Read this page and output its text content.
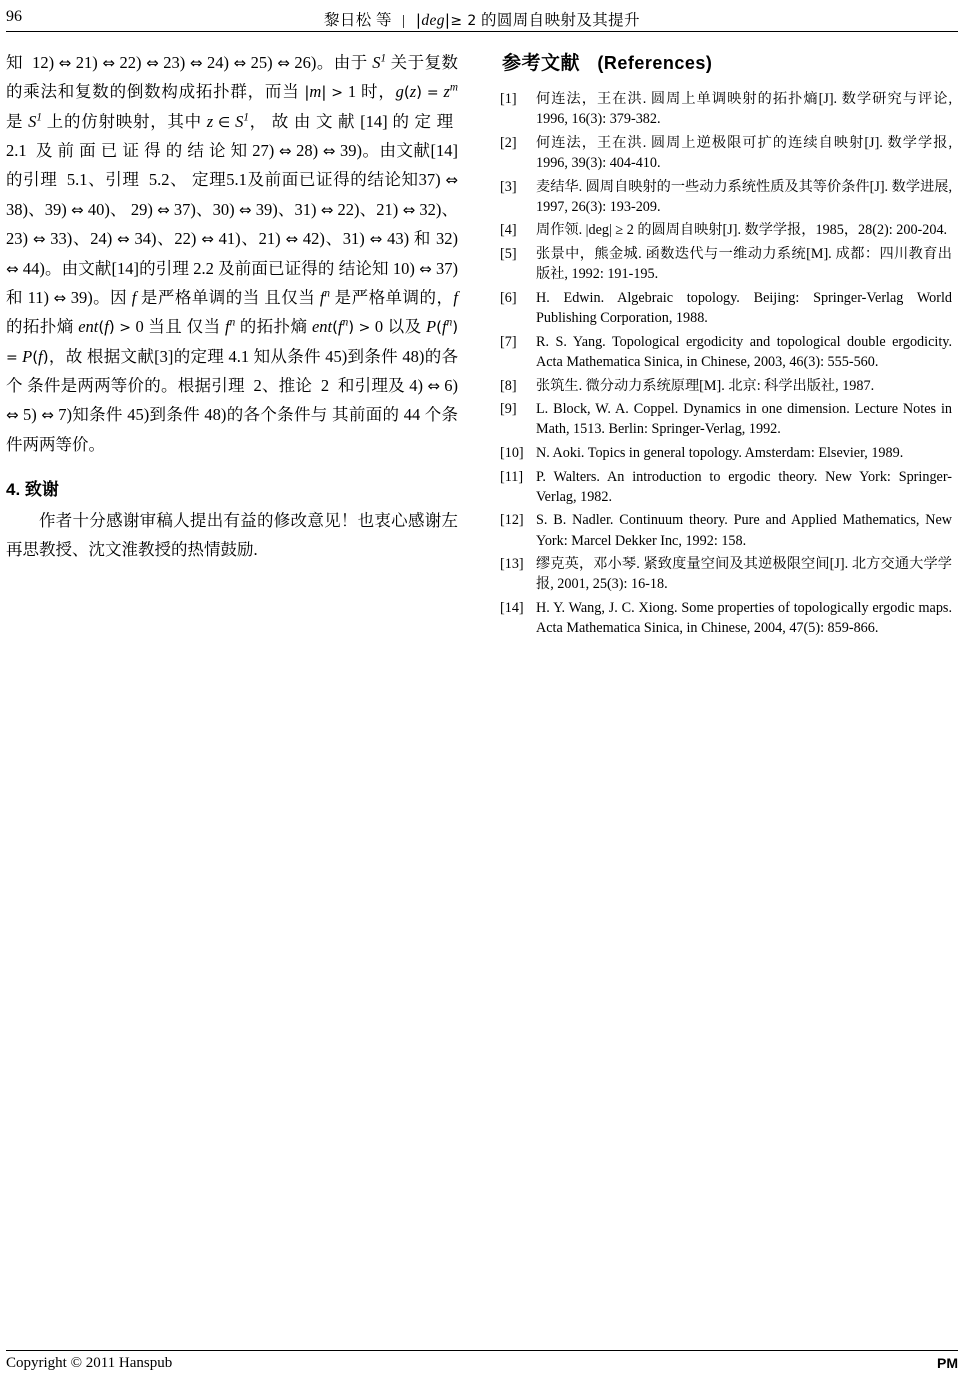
96	黎日松 等 | |deg|≥ 2 的圆周自映射及其提升

知  12) ⇔ 21) ⇔ 22) ⇔ 23) ⇔ 24) ⇔ 25) ⇔ 26)。由于 $S^1$ 关于复数的乘法和复数的倒数构成拓扑群，而当 |m| > 1 时，$g(z) = z^m$ 是 $S^1$ 上的仿射映射，其中 z ∈ $S^1$， 故 由 文 献 [14] 的 定 理  2.1  及 前 面 已 证 得 的 结 论 知 27) ⇔ 28) ⇔ 39)。由文献[14]的引理  5.1、引理  5.2、 定理5.1及前面已证得的结论知37) ⇔ 38)、39) ⇔ 40)、 29) ⇔ 37)、30) ⇔ 39)、31) ⇔ 22)、21) ⇔ 32)、 23) ⇔ 33)、24) ⇔ 34)、22) ⇔ 41)、21) ⇔ 42)、31) ⇔ 43) 和 32) ⇔ 44)。由文献[14]的引理 2.2 及前面已证得的 结论知 10) ⇔ 37)和 11) ⇔ 39)。因 f 是严格单调的当 且仅当 $f^n$ 是严格单调的，f 的拓扑熵 ent(f) > 0 当且 仅当 $f^n$ 的拓扑熵 $ent(f^n) > 0$ 以及 $P(f^n) = P(f)$，故 根据文献[3]的定理 4.1 知从条件 45)到条件 48)的各个 条件是两两等价的。根据引理  2、推论  2  和引理及 4) ⇔ 6) ⇔ 5) ⇔ 7)知条件 45)到条件 48)的各个条件与 其前面的 44 个条件两两等价。

4. 致谢

作者十分感谢审稿人提出有益的修改意见！也衷心感谢左再思教授、沈文淮教授的热情鼓励.

参考文献 (References)
[1]	何连法，王在洪. 圆周上单调映射的拓扑熵[J]. 数学研究与评论, 1996, 16(3): 379-382.
[2]	何连法，王在洪. 圆周上逆极限可扩的连续自映射[J]. 数学学报, 1996, 39(3): 404-410.
[3]	麦结华. 圆周自映射的一些动力系统性质及其等价条件[J]. 数学进展, 1997, 26(3): 193-209.
[4]	周作领. |deg| ≥ 2 的圆周自映射[J]. 数学学报，1985，28(2): 200-204.
[5]	张景中，熊金城. 函数迭代与一维动力系统[M]. 成都：四川教育出版社, 1992: 191-195.
[6]	H. Edwin. Algebraic topology. Beijing: Springer-Verlag World Publishing Corporation, 1988.
[7]	R. S. Yang. Topological ergodicity and topological double ergodicity. Acta Mathematica Sinica, in Chinese, 2003, 46(3): 555-560.
[8]	张筑生. 微分动力系统原理[M]. 北京: 科学出版社, 1987.
[9]	L. Block, W. A. Coppel. Dynamics in one dimension. Lecture Notes in Math, 1513. Berlin: Springer-Verlag, 1992.
[10] N. Aoki. Topics in general topology. Amsterdam: Elsevier, 1989.
[11] P. Walters. An introduction to ergodic theory. New York: Springer-Verlag, 1982.
[12] S. B. Nadler. Continuum theory. Pure and Applied Mathematics, New York: Marcel Dekker Inc, 1992: 158.
[13] 缪克英，邓小琴. 紧致度量空间及其逆极限空间[J]. 北方交通大学学报, 2001, 25(3): 16-18.
[14] H. Y. Wang, J. C. Xiong. Some properties of topologically ergodic maps. Acta Mathematica Sinica, in Chinese, 2004, 47(5): 859-866.
Copyright © 2011 Hanspub	PM
